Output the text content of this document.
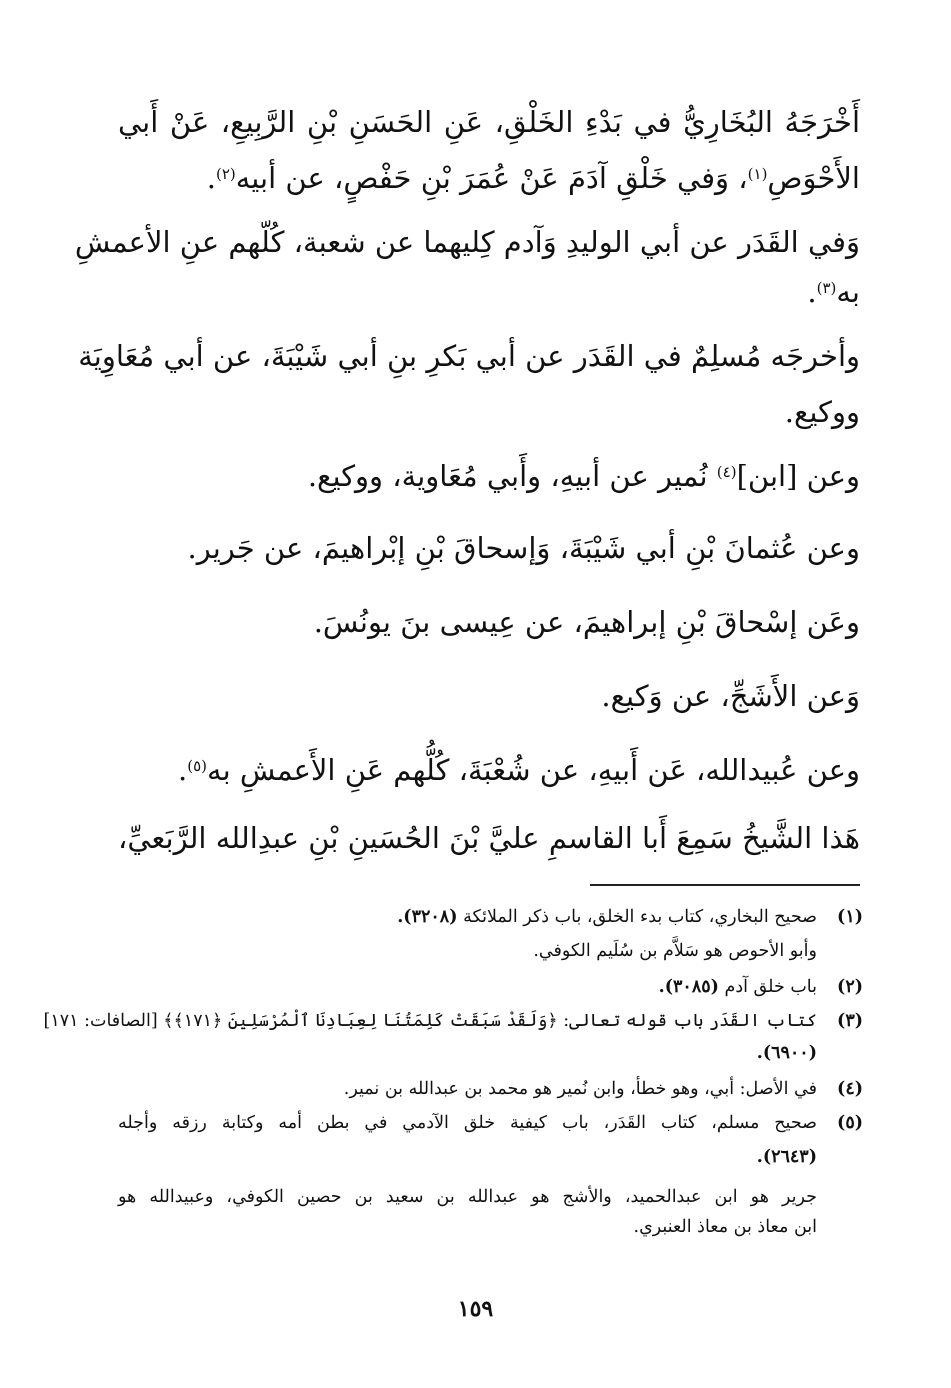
أَخْرَجَهُ البُخَارِيُّ في بَدْءِ الخَلْقِ، عَنِ الحَسَنِ بْنِ الرَّبِيعِ، عَنْ أَبي
الأَحْوَصِ$^{(١)}$، وَفي خَلْقِ آدَمَ عَنْ عُمَرَ بْنِ حَفْصٍ، عن أبيه$^{(٢)}$.
وَفي القَدَر عن أبي الوليدِ وَآدم كِليهما عن شعبة، كُلّهم عنِ الأعمشِ
به$^{(٣)}$.
وأخرجَه مُسلِمٌ في القَدَر عن أبي بَكرِ بنِ أبي شَيْبَةَ، عن أبي مُعَاوِيَة
ووكيع.
وعن [ابن]$^{(٤)}$ نُمير عن أبيهِ، وأَبي مُعَاوية، ووكيع.
وعن عُثمانَ بْنِ أبي شَيْبَةَ، وَإسحاقَ بْنِ إبْراهيمَ، عن جَرير.
وعَن إسْحاقَ بْنِ إبراهيمَ، عن عِيسى بنَ يونُسَ.
وَعن الأَشَجِّ، عن وَكيع.
وعن عُبيدالله، عَن أَبيهِ، عن شُعْبَةَ، كُلُّهم عَنِ الأَعمشِ به$^{(٥)}$.
هَذا الشَّيخُ سَمِعَ أَبا القاسمِ عليَّ بْنَ الحُسَينِ بْنِ عبدِالله الرَّبَعيِّ،
(١)
صحيح البخاري، كتاب بدء الخلق، باب ذكر الملائكة (٣٢٠٨).
وأبو الأحوص هو سَلاَّم بن سُلَيم الكوفي.
(٢)
باب خلق آدم (٣٠٨٥).
(٣)
كتاب القَدَر باب قوله تعالى: ﴿وَلَقَدْ سَبَقَتْ كَلِمَتُنَا لِعِبَادِنَا ٱلْمُرْسَلِينَ ﴿١٧١﴾﴾ [الصافات: ١٧١]
(٦٩٠٠).
(٤)
في الأصل: أبي، وهو خطأ، وابن نُمير هو محمد بن عبدالله بن نمير.
(٥)
صحيح مسلم، كتاب القَدَر، باب كيفية خلق الآدمي في بطن أمه وكتابة رزقه وأجله
(٢٦٤٣).
جرير هو ابن عبدالحميد، والأشج هو عبدالله بن سعيد بن حصين الكوفي، وعبيدالله هو
ابن معاذ بن معاذ العنبري.
١٥٩
